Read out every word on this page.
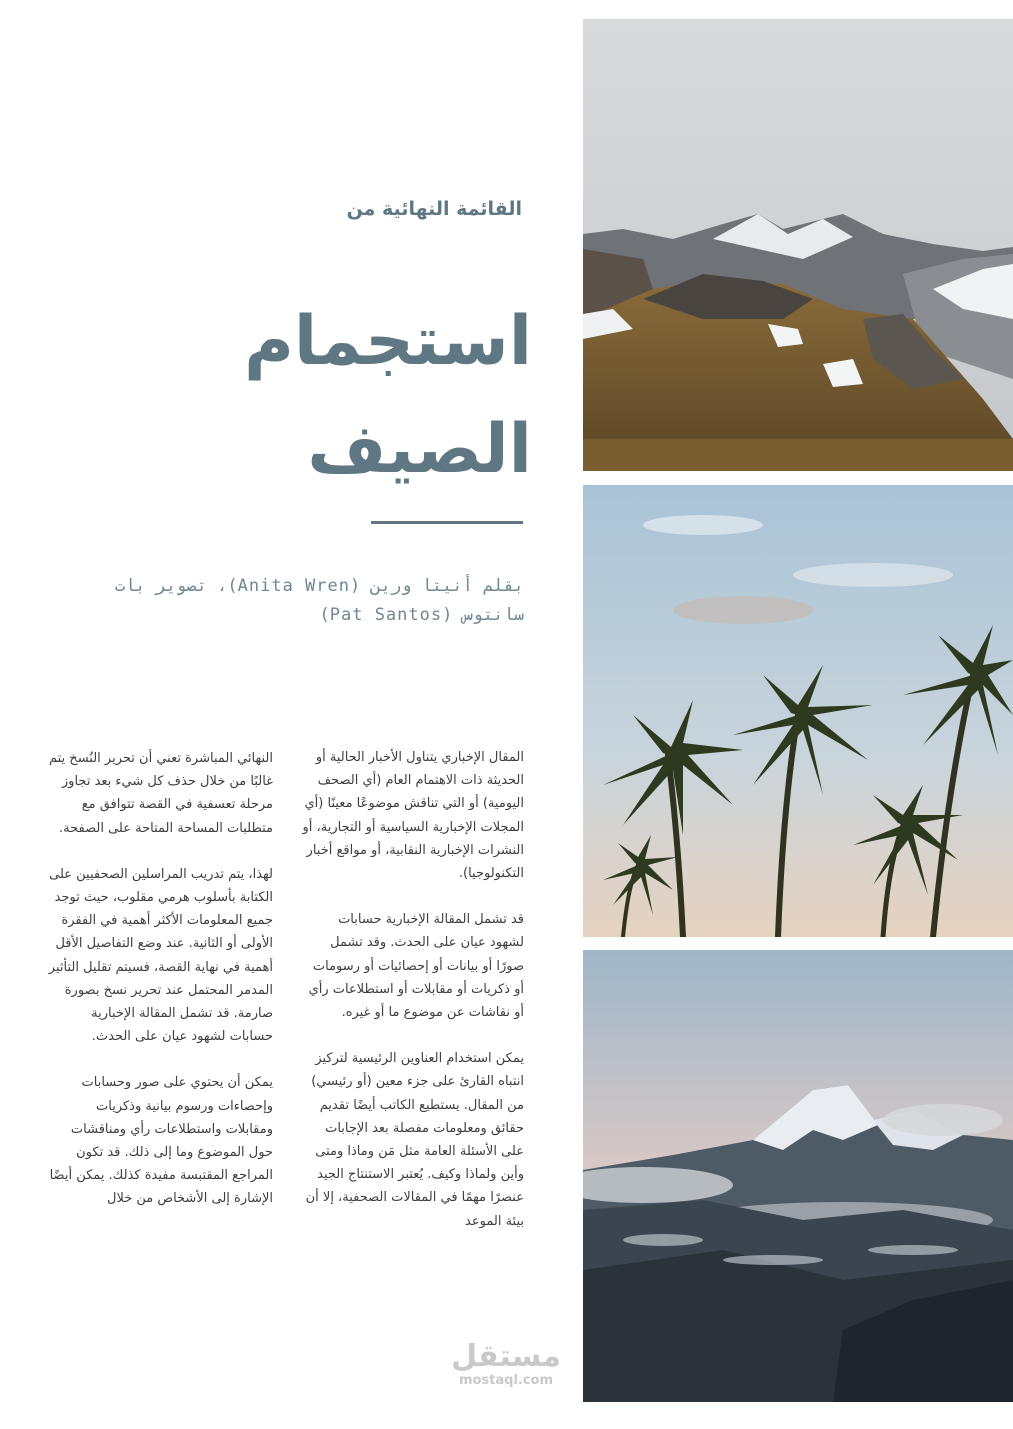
القائمة النهائية من
استجمام الصيف
بقلم أنيتا ورين (Anita Wren)، تصوير بات سانتوس (Pat Santos)

المقال الإخباري يتناول الأخبار الحالية أو الحديثة ذات الاهتمام العام (أي الصحف اليومية) أو التي تناقش موضوعًا معينًا (أي المجلات الإخبارية السياسية أو التجارية، أو النشرات الإخبارية النقابية، أو مواقع أخبار التكنولوجيا).

قد تشمل المقالة الإخبارية حسابات لشهود عيان على الحدث. وقد تشمل صورًا أو بيانات أو إحصائيات أو رسومات أو ذكريات أو مقابلات أو استطلاعات رأي أو نقاشات عن موضوع ما أو غيره.

يمكن استخدام العناوين الرئيسية لتركيز انتباه القارئ على جزء معين (أو رئيسي) من المقال. يستطيع الكاتب أيضًا تقديم حقائق ومعلومات مفصلة بعد الإجابات على الأسئلة العامة مثل مَن وماذا ومتى وأين ولماذا وكيف. يُعتبر الاستنتاج الجيد عنصرًا مهمًا في المقالات الصحفية، إلا أن بيئة الموعد

النهائي المباشرة تعني أن تحرير النُسخ يتم غالبًا من خلال حذف كل شيء بعد تجاوز مرحلة تعسفية في القصة تتوافق مع متطلبات المساحة المتاحة على الصفحة.

لهذا، يتم تدريب المراسلين الصحفيين على الكتابة بأسلوب هرمي مقلوب، حيث توجد جميع المعلومات الأكثر أهمية في الفقرة الأولى أو الثانية. عند وضع التفاصيل الأقل أهمية في نهاية القصة، فسيتم تقليل التأثير المدمر المحتمل عند تحرير نسخ بصورة صارمة. قد تشمل المقالة الإخبارية حسابات لشهود عيان على الحدث.

يمكن أن يحتوي على صور وحسابات وإحصاءات ورسوم بيانية وذكريات ومقابلات واستطلاعات رأي ومناقشات حول الموضوع وما إلى ذلك. قد تكون المراجع المقتبسة مفيدة كذلك. يمكن أيضًا الإشارة إلى الأشخاص من خلال

مستقل
mostaql.com
